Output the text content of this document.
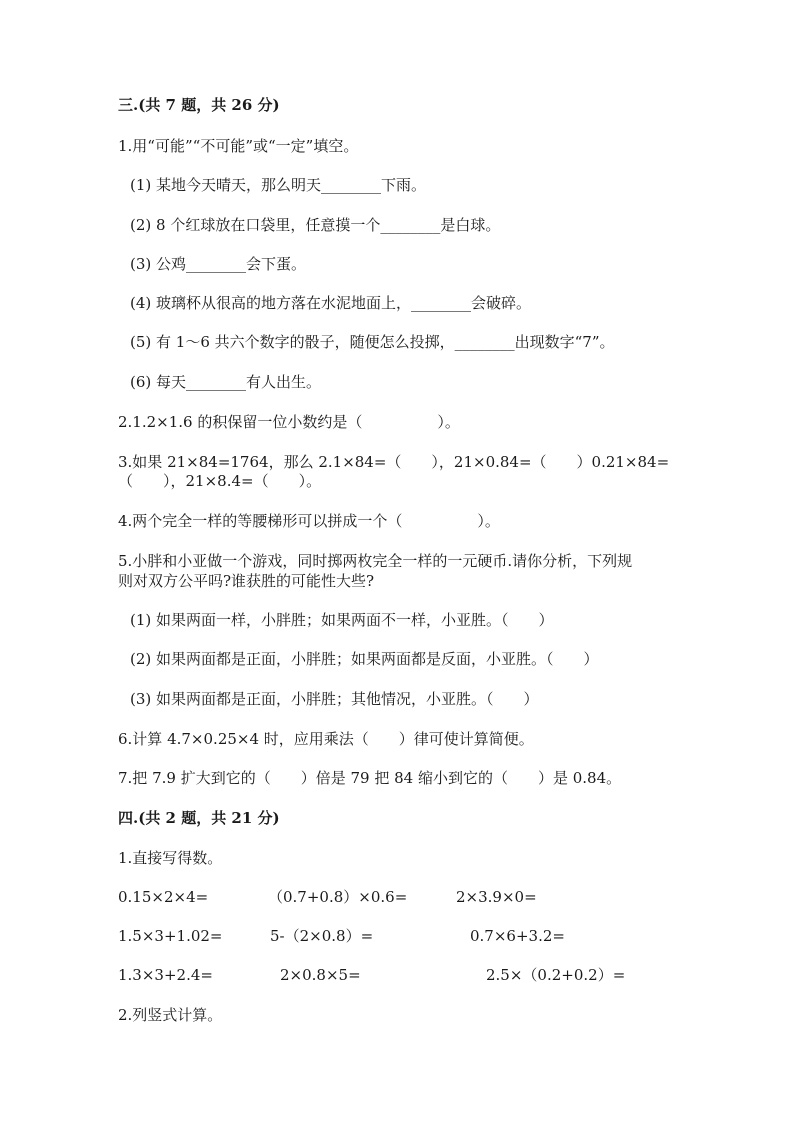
三.(共 7 题，共 26 分)
1.用“可能”“不可能”或“一定”填空。
(1) 某地今天晴天，那么明天________下雨。
(2) 8 个红球放在口袋里，任意摸一个________是白球。
(3) 公鸡________会下蛋。
(4) 玻璃杯从很高的地方落在水泥地面上，________会破碎。
(5) 有 1～6 共六个数字的骰子，随便怎么投掷，________出现数字“7”。
(6) 每天________有人出生。
2.1.2×1.6 的积保留一位小数约是（　　　　　）。
3.如果 21×84=1764，那么 2.1×84=（　　），21×0.84=（　　）0.21×84=
（　　），21×8.4=（　　）。
4.两个完全一样的等腰梯形可以拼成一个（　　　　　）。
5.小胖和小亚做一个游戏，同时掷两枚完全一样的一元硬币.请你分析，下列规
则对双方公平吗?谁获胜的可能性大些?
(1) 如果两面一样，小胖胜；如果两面不一样，小亚胜。（　　）
(2) 如果两面都是正面，小胖胜；如果两面都是反面，小亚胜。（　　）
(3) 如果两面都是正面，小胖胜；其他情况，小亚胜。（　　）
6.计算 4.7×0.25×4 时，应用乘法（　　）律可使计算简便。
7.把 7.9 扩大到它的（　　）倍是 79 把 84 缩小到它的（　　）是 0.84。
四.(共 2 题，共 21 分)
1.直接写得数。
0.15×2×4=	（0.7+0.8）×0.6=	2×3.9×0=
1.5×3+1.02=	5-（2×0.8）=	0.7×6+3.2=
1.3×3+2.4=	2×0.8×5=	2.5×（0.2+0.2）=
2.列竖式计算。
